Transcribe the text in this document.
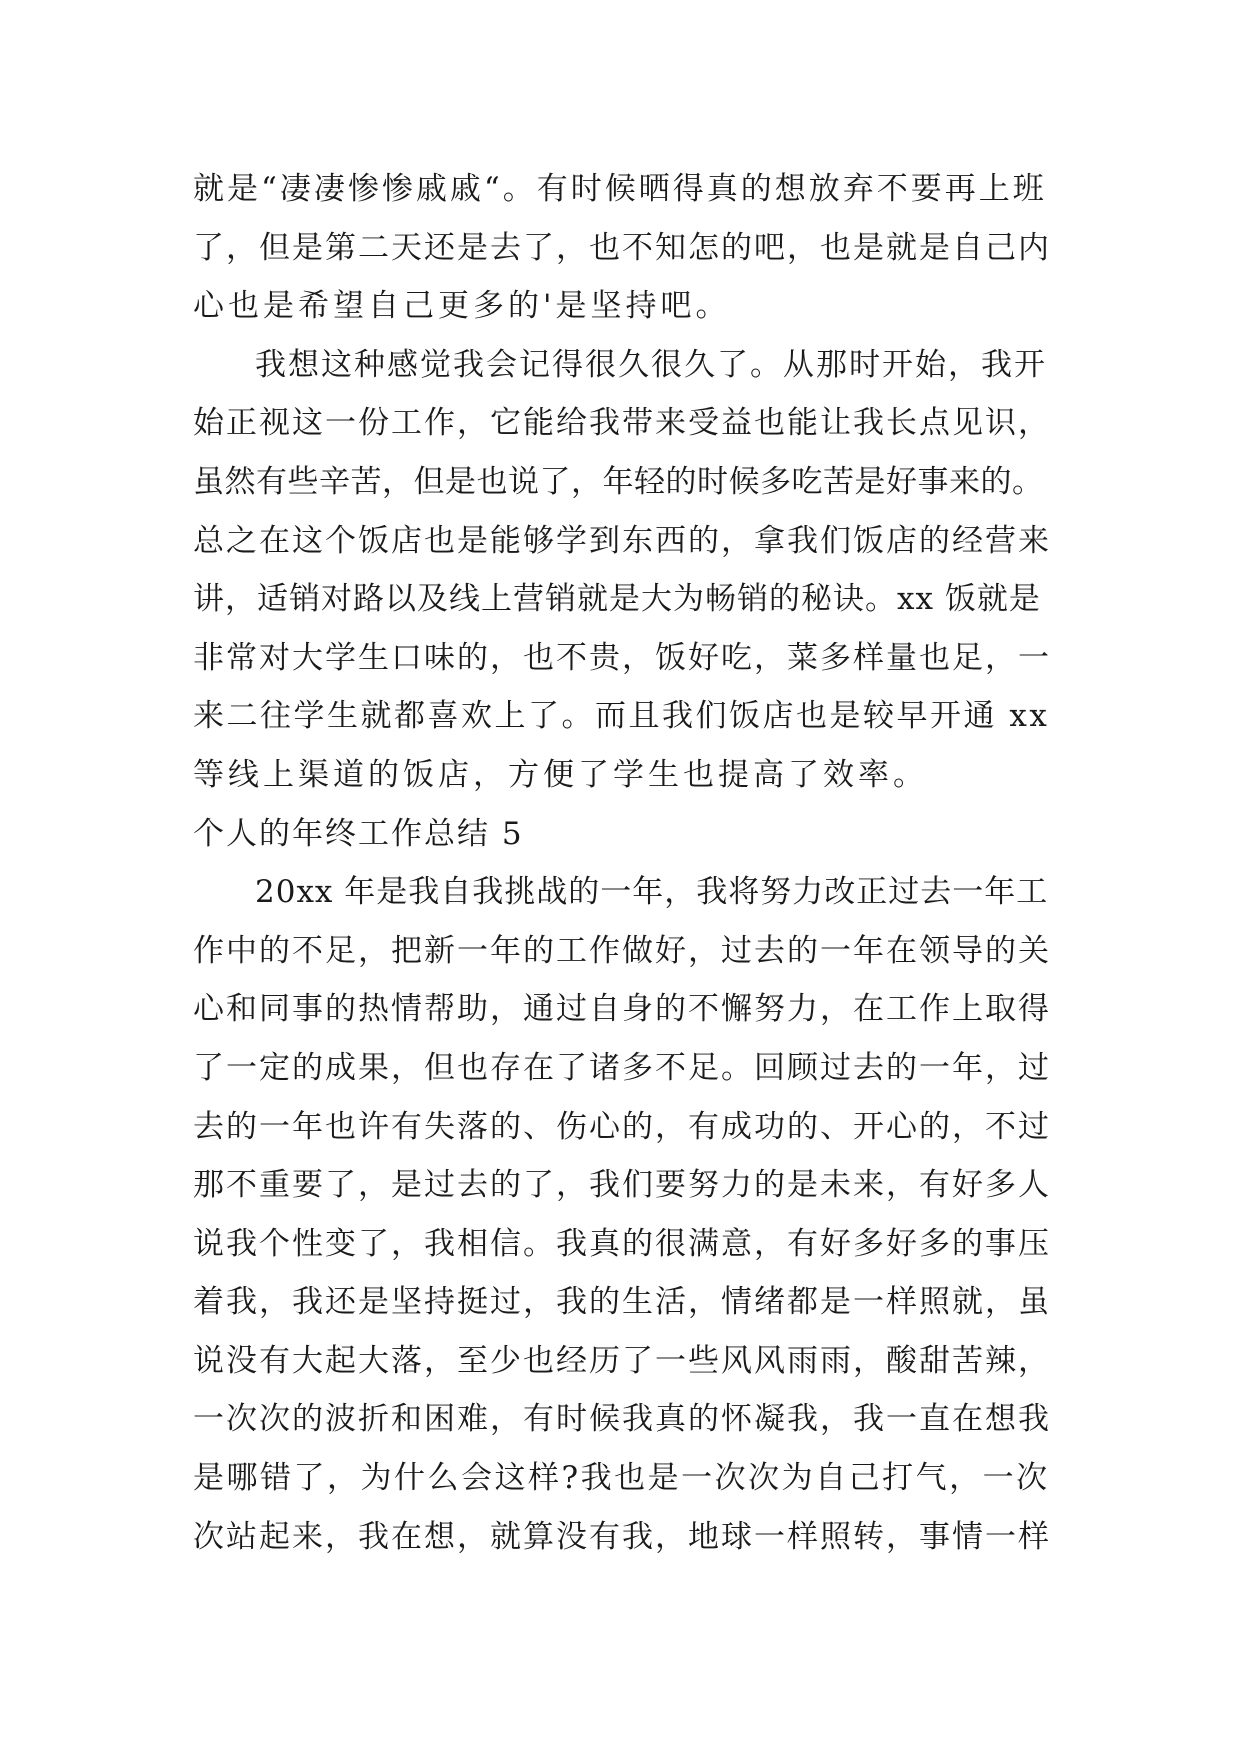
就是“凄凄惨惨戚戚“。有时候晒得真的想放弃不要再上班
了，但是第二天还是去了，也不知怎的吧，也是就是自己内
心也是希望自己更多的'是坚持吧。
我想这种感觉我会记得很久很久了。从那时开始，我开
始正视这一份工作，它能给我带来受益也能让我长点见识，
虽然有些辛苦，但是也说了，年轻的时候多吃苦是好事来的。
总之在这个饭店也是能够学到东西的，拿我们饭店的经营来
讲，适销对路以及线上营销就是大为畅销的秘诀。xx 饭就是
非常对大学生口味的，也不贵，饭好吃，菜多样量也足，一
来二往学生就都喜欢上了。而且我们饭店也是较早开通 xx
等线上渠道的饭店，方便了学生也提高了效率。
个人的年终工作总结 5
20xx 年是我自我挑战的一年，我将努力改正过去一年工
作中的不足，把新一年的工作做好，过去的一年在领导的关
心和同事的热情帮助，通过自身的不懈努力，在工作上取得
了一定的成果，但也存在了诸多不足。回顾过去的一年，过
去的一年也许有失落的、伤心的，有成功的、开心的，不过
那不重要了，是过去的了，我们要努力的是未来，有好多人
说我个性变了，我相信。我真的很满意，有好多好多的事压
着我，我还是坚持挺过，我的生活，情绪都是一样照就，虽
说没有大起大落，至少也经历了一些风风雨雨，酸甜苦辣，
一次次的波折和困难，有时候我真的怀凝我，我一直在想我
是哪错了，为什么会这样?我也是一次次为自己打气，一次
次站起来，我在想，就算没有我，地球一样照转，事情一样
